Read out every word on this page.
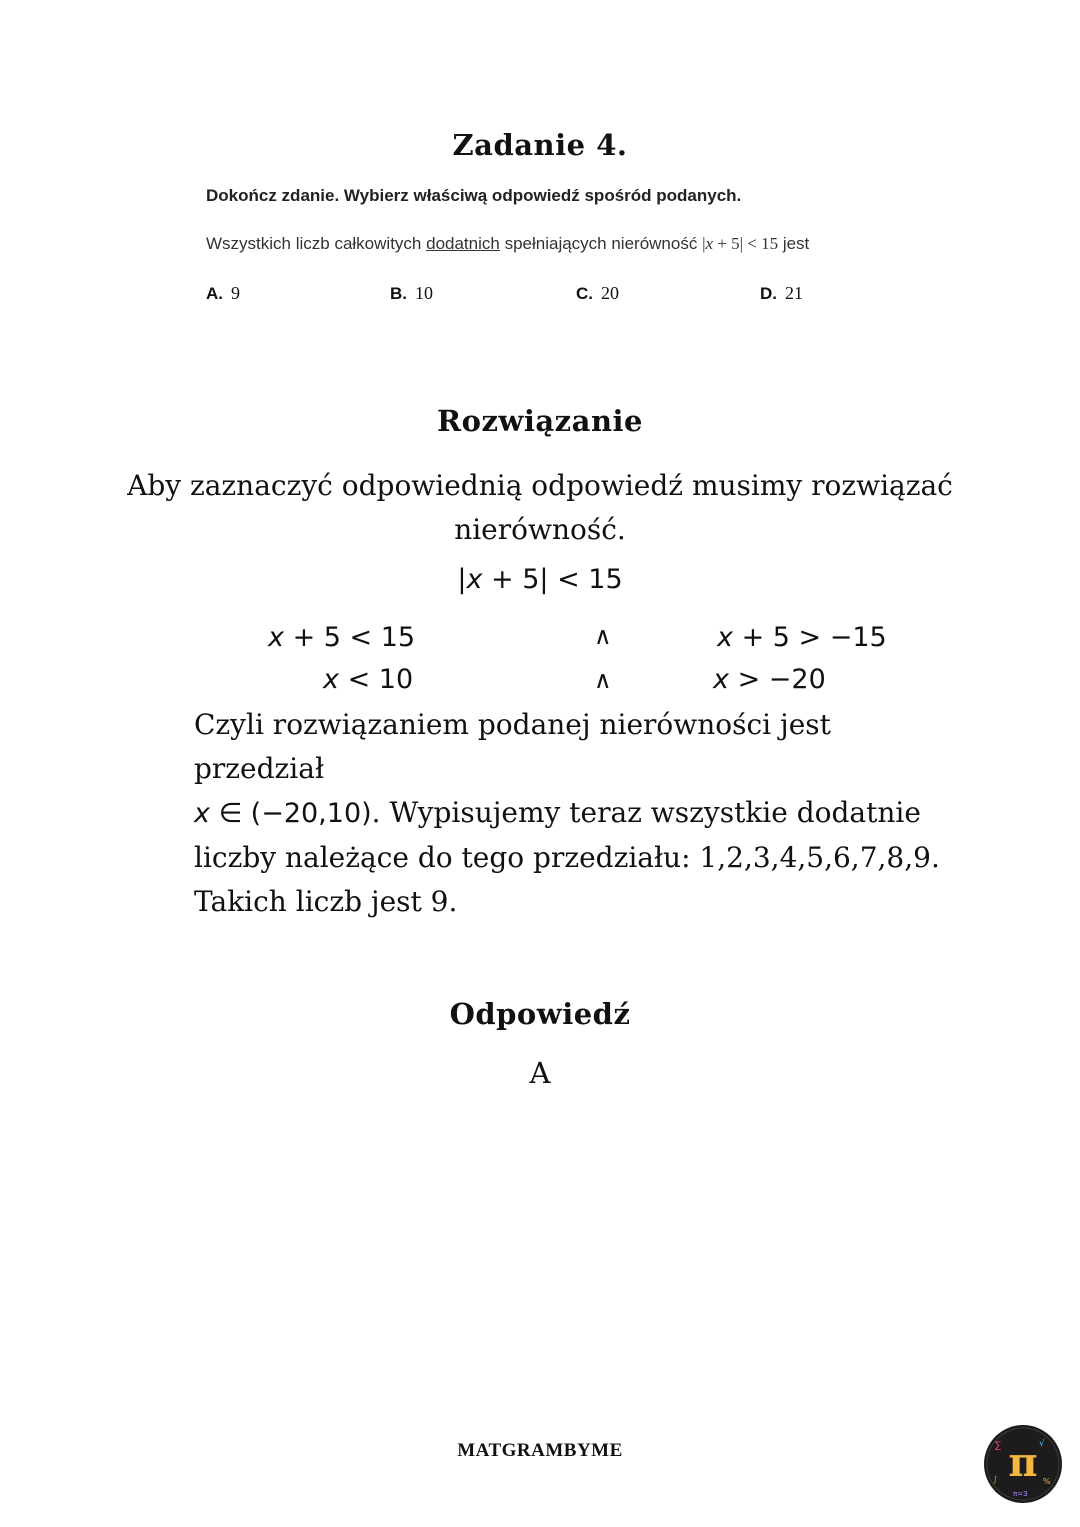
Zadanie 4.
Dokończ zdanie. Wybierz właściwą odpowiedź spośród podanych.
Wszystkich liczb całkowitych dodatnich spełniających nierówność |x + 5| < 15 jest
A. 9	B. 10	C. 20	D. 21
Rozwiązanie
Aby zaznaczyć odpowiednią odpowiedź musimy rozwiązać
nierówność.
|x + 5| < 15
x + 5 < 15	∧	x + 5 > −15
x < 10	∧	x > −20
Czyli rozwiązaniem podanej nierówności jest przedział
x ∈ (−20,10). Wypisujemy teraz wszystkie dodatnie
liczby należące do tego przedziału: 1,2,3,4,5,6,7,8,9.
Takich liczb jest 9.
Odpowiedź
A
MATGRAMBYME	∑	√
∫	%
π=3
π
